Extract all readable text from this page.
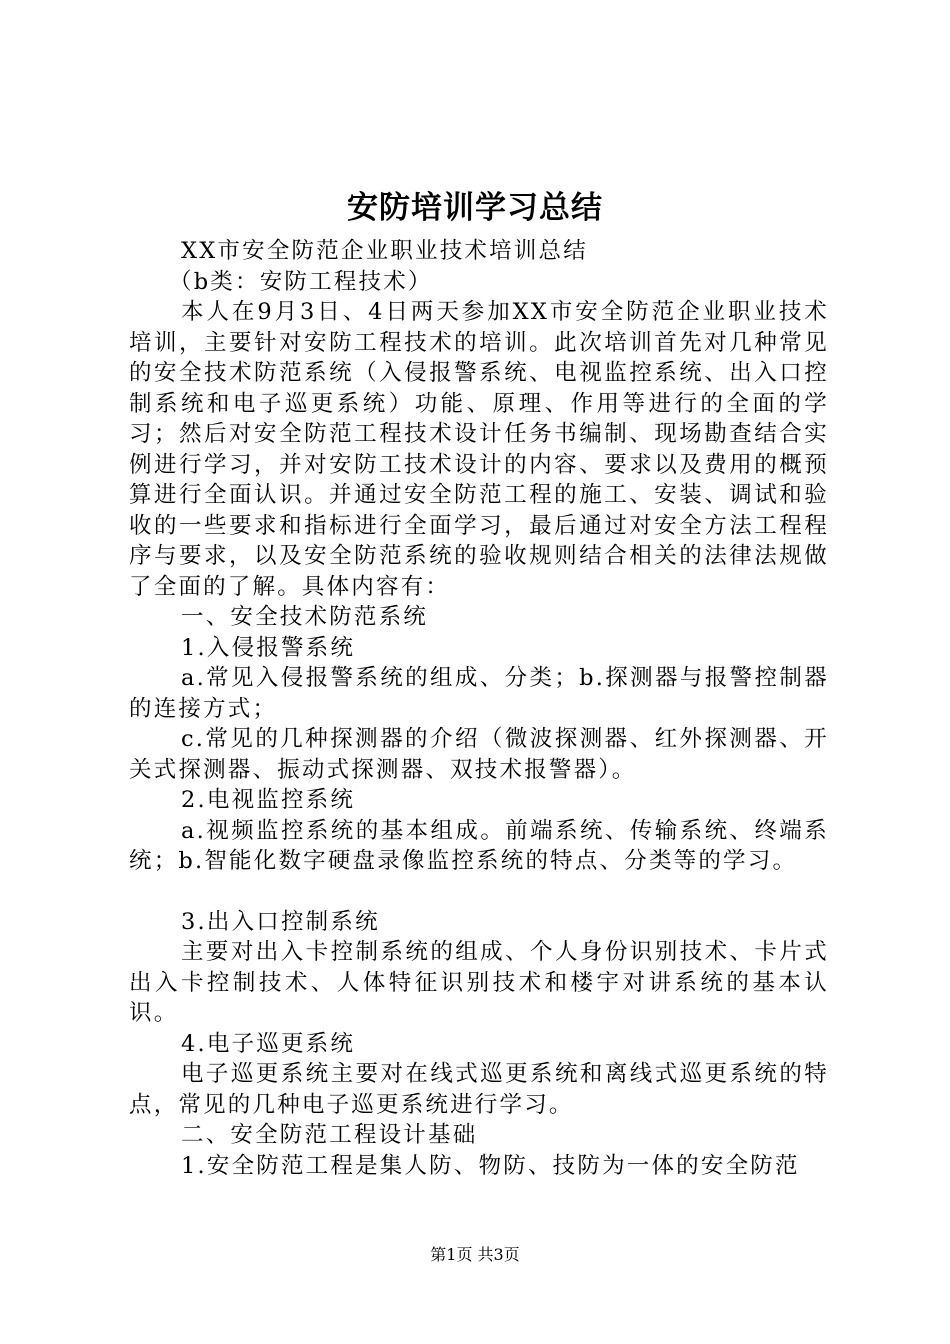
安防培训学习总结

XX市安全防范企业职业技术培训总结

（b类：安防工程技术）

本人在9月3日、4日两天参加XX市安全防范企业职业技术培训，主要针对安防工程技术的培训。此次培训首先对几种常见的安全技术防范系统（入侵报警系统、电视监控系统、出入口控制系统和电子巡更系统）功能、原理、作用等进行的全面的学习；然后对安全防范工程技术设计任务书编制、现场勘查结合实例进行学习，并对安防工技术设计的内容、要求以及费用的概预算进行全面认识。并通过安全防范工程的施工、安装、调试和验收的一些要求和指标进行全面学习，最后通过对安全方法工程程序与要求，以及安全防范系统的验收规则结合相关的法律法规做了全面的了解。具体内容有：

一、安全技术防范系统

1.入侵报警系统

a.常见入侵报警系统的组成、分类；b.探测器与报警控制器的连接方式；

c.常见的几种探测器的介绍（微波探测器、红外探测器、开关式探测器、振动式探测器、双技术报警器）。

2.电视监控系统

a.视频监控系统的基本组成。前端系统、传输系统、终端系统；b.智能化数字硬盘录像监控系统的特点、分类等的学习。

3.出入口控制系统

主要对出入卡控制系统的组成、个人身份识别技术、卡片式出入卡控制技术、人体特征识别技术和楼宇对讲系统的基本认识。

4.电子巡更系统

电子巡更系统主要对在线式巡更系统和离线式巡更系统的特点，常见的几种电子巡更系统进行学习。

二、安全防范工程设计基础

1.安全防范工程是集人防、物防、技防为一体的安全防范

第1页 共3页
